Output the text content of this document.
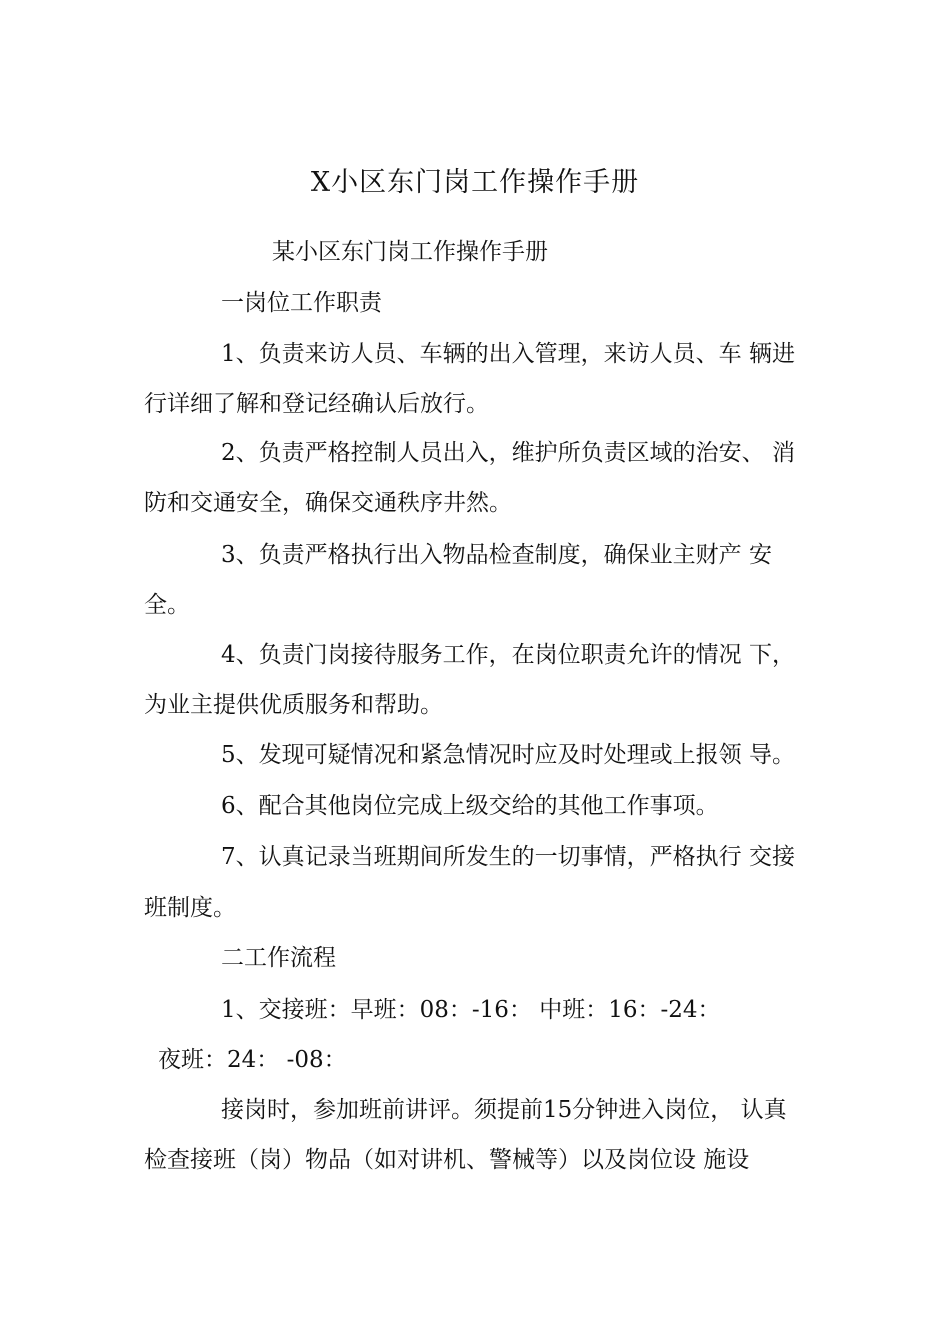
X小区东门岗工作操作手册
某小区东门岗工作操作手册
一岗位工作职责
1、负责来访人员、车辆的出入管理，来访人员、车 辆进
行详细了解和登记经确认后放行。
2、负责严格控制人员出入，维护所负责区域的治安、 消
防和交通安全，确保交通秩序井然。
3、负责严格执行出入物品检查制度，确保业主财产 安
全。
4、负责门岗接待服务工作，在岗位职责允许的情况 下，
为业主提供优质服务和帮助。
5、发现可疑情况和紧急情况时应及时处理或上报领 导。
6、配合其他岗位完成上级交给的其他工作事项。
7、认真记录当班期间所发生的一切事情，严格执行 交接
班制度。
二工作流程
1、交接班：早班：08：-16： 中班：16：-24：
夜班：24： -08：
接岗时，参加班前讲评。须提前15分钟进入岗位， 认真
检查接班（岗）物品（如对讲机、警械等）以及岗位设 施设
